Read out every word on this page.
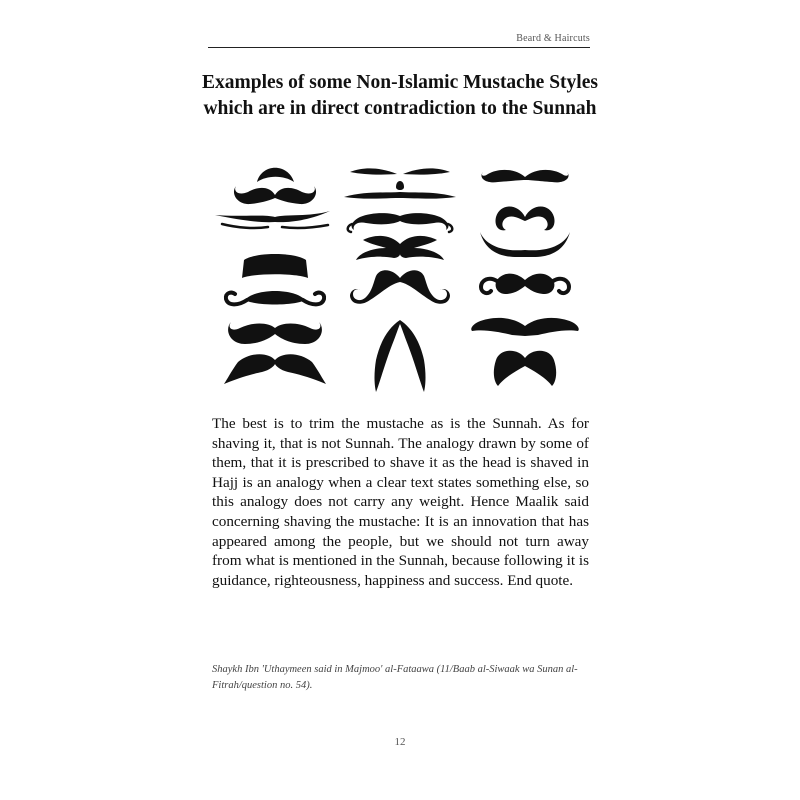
Beard & Haircuts
Examples of some Non-Islamic Mustache Styles which are in direct contradiction to the Sunnah
The best is to trim the mustache as is the Sunnah. As for shaving it, that is not Sunnah. The analogy drawn by some of them, that it is prescribed to shave it as the head is shaved in Hajj is an analogy when a clear text states something else, so this analogy does not carry any weight. Hence Maalik said concerning shaving the mustache: It is an innovation that has appeared among the people, but we should not turn away from what is mentioned in the Sunnah, because following it is guidance, righteousness, happiness and success. End quote.
Shaykh Ibn 'Uthaymeen said in Majmoo' al-Fataawa (11/Baab al-Siwaak wa Sunan al-Fitrah/question no. 54).
12
